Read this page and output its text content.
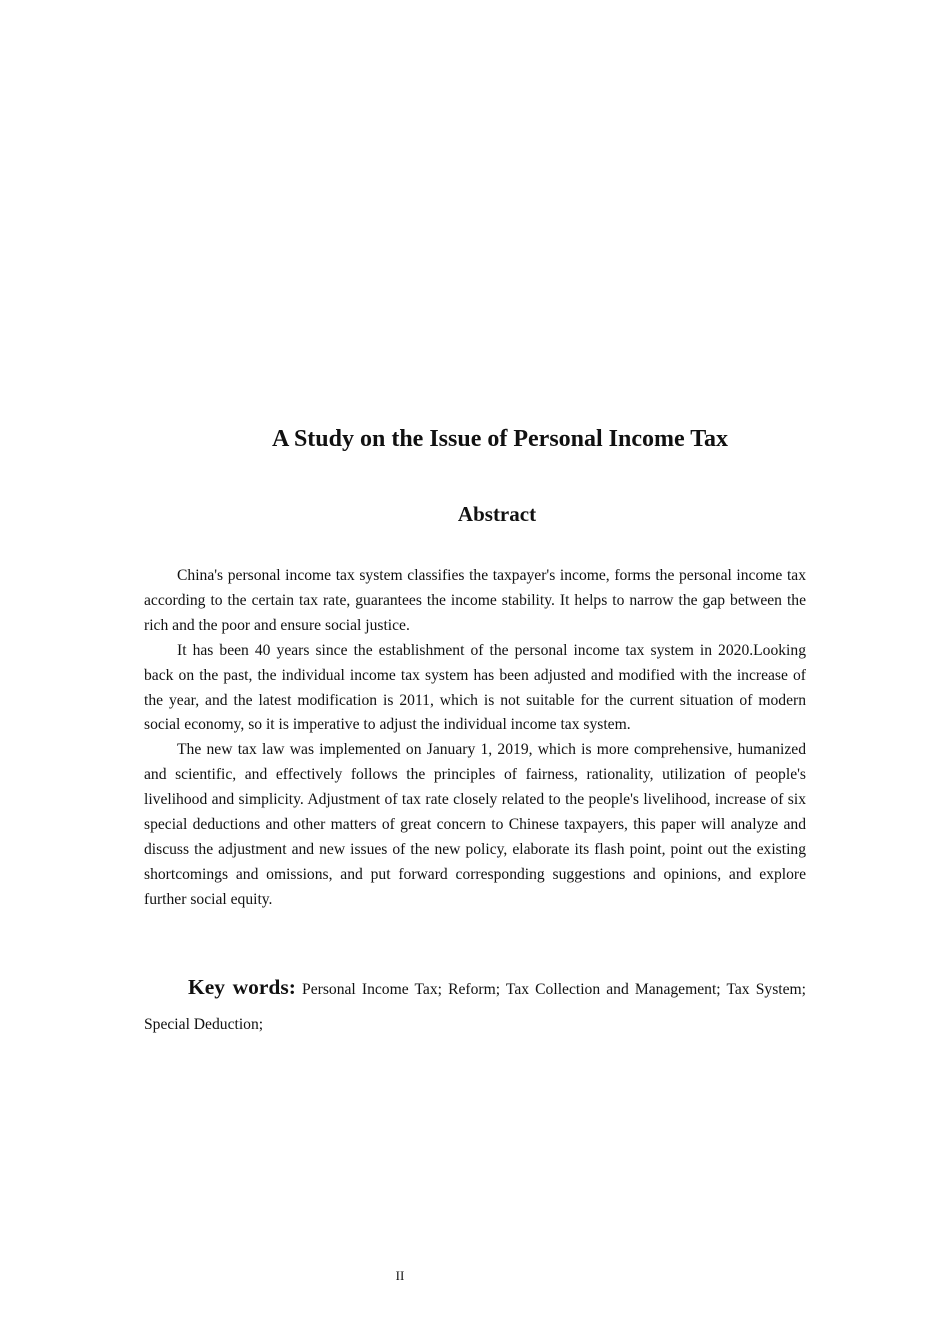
A Study on the Issue of Personal Income Tax
Abstract

China's personal income tax system classifies the taxpayer's income, forms the personal income tax according to the certain tax rate, guarantees the income stability. It helps to narrow the gap between the rich and the poor and ensure social justice.

It has been 40 years since the establishment of the personal income tax system in 2020.Looking back on the past, the individual income tax system has been adjusted and modified with the increase of the year, and the latest modification is 2011, which is not suitable for the current situation of modern social economy, so it is imperative to adjust the individual income tax system.

The new tax law was implemented on January 1, 2019, which is more comprehensive, humanized and scientific, and effectively follows the principles of fairness, rationality, utilization of people's livelihood and simplicity. Adjustment of tax rate closely related to the people's livelihood, increase of six special deductions and other matters of great concern to Chinese taxpayers, this paper will analyze and discuss the adjustment and new issues of the new policy, elaborate its flash point, point out the existing shortcomings and omissions, and put forward corresponding suggestions and opinions, and explore further social equity.

Key words: Personal Income Tax; Reform; Tax Collection and Management; Tax System; Special Deduction;

II
